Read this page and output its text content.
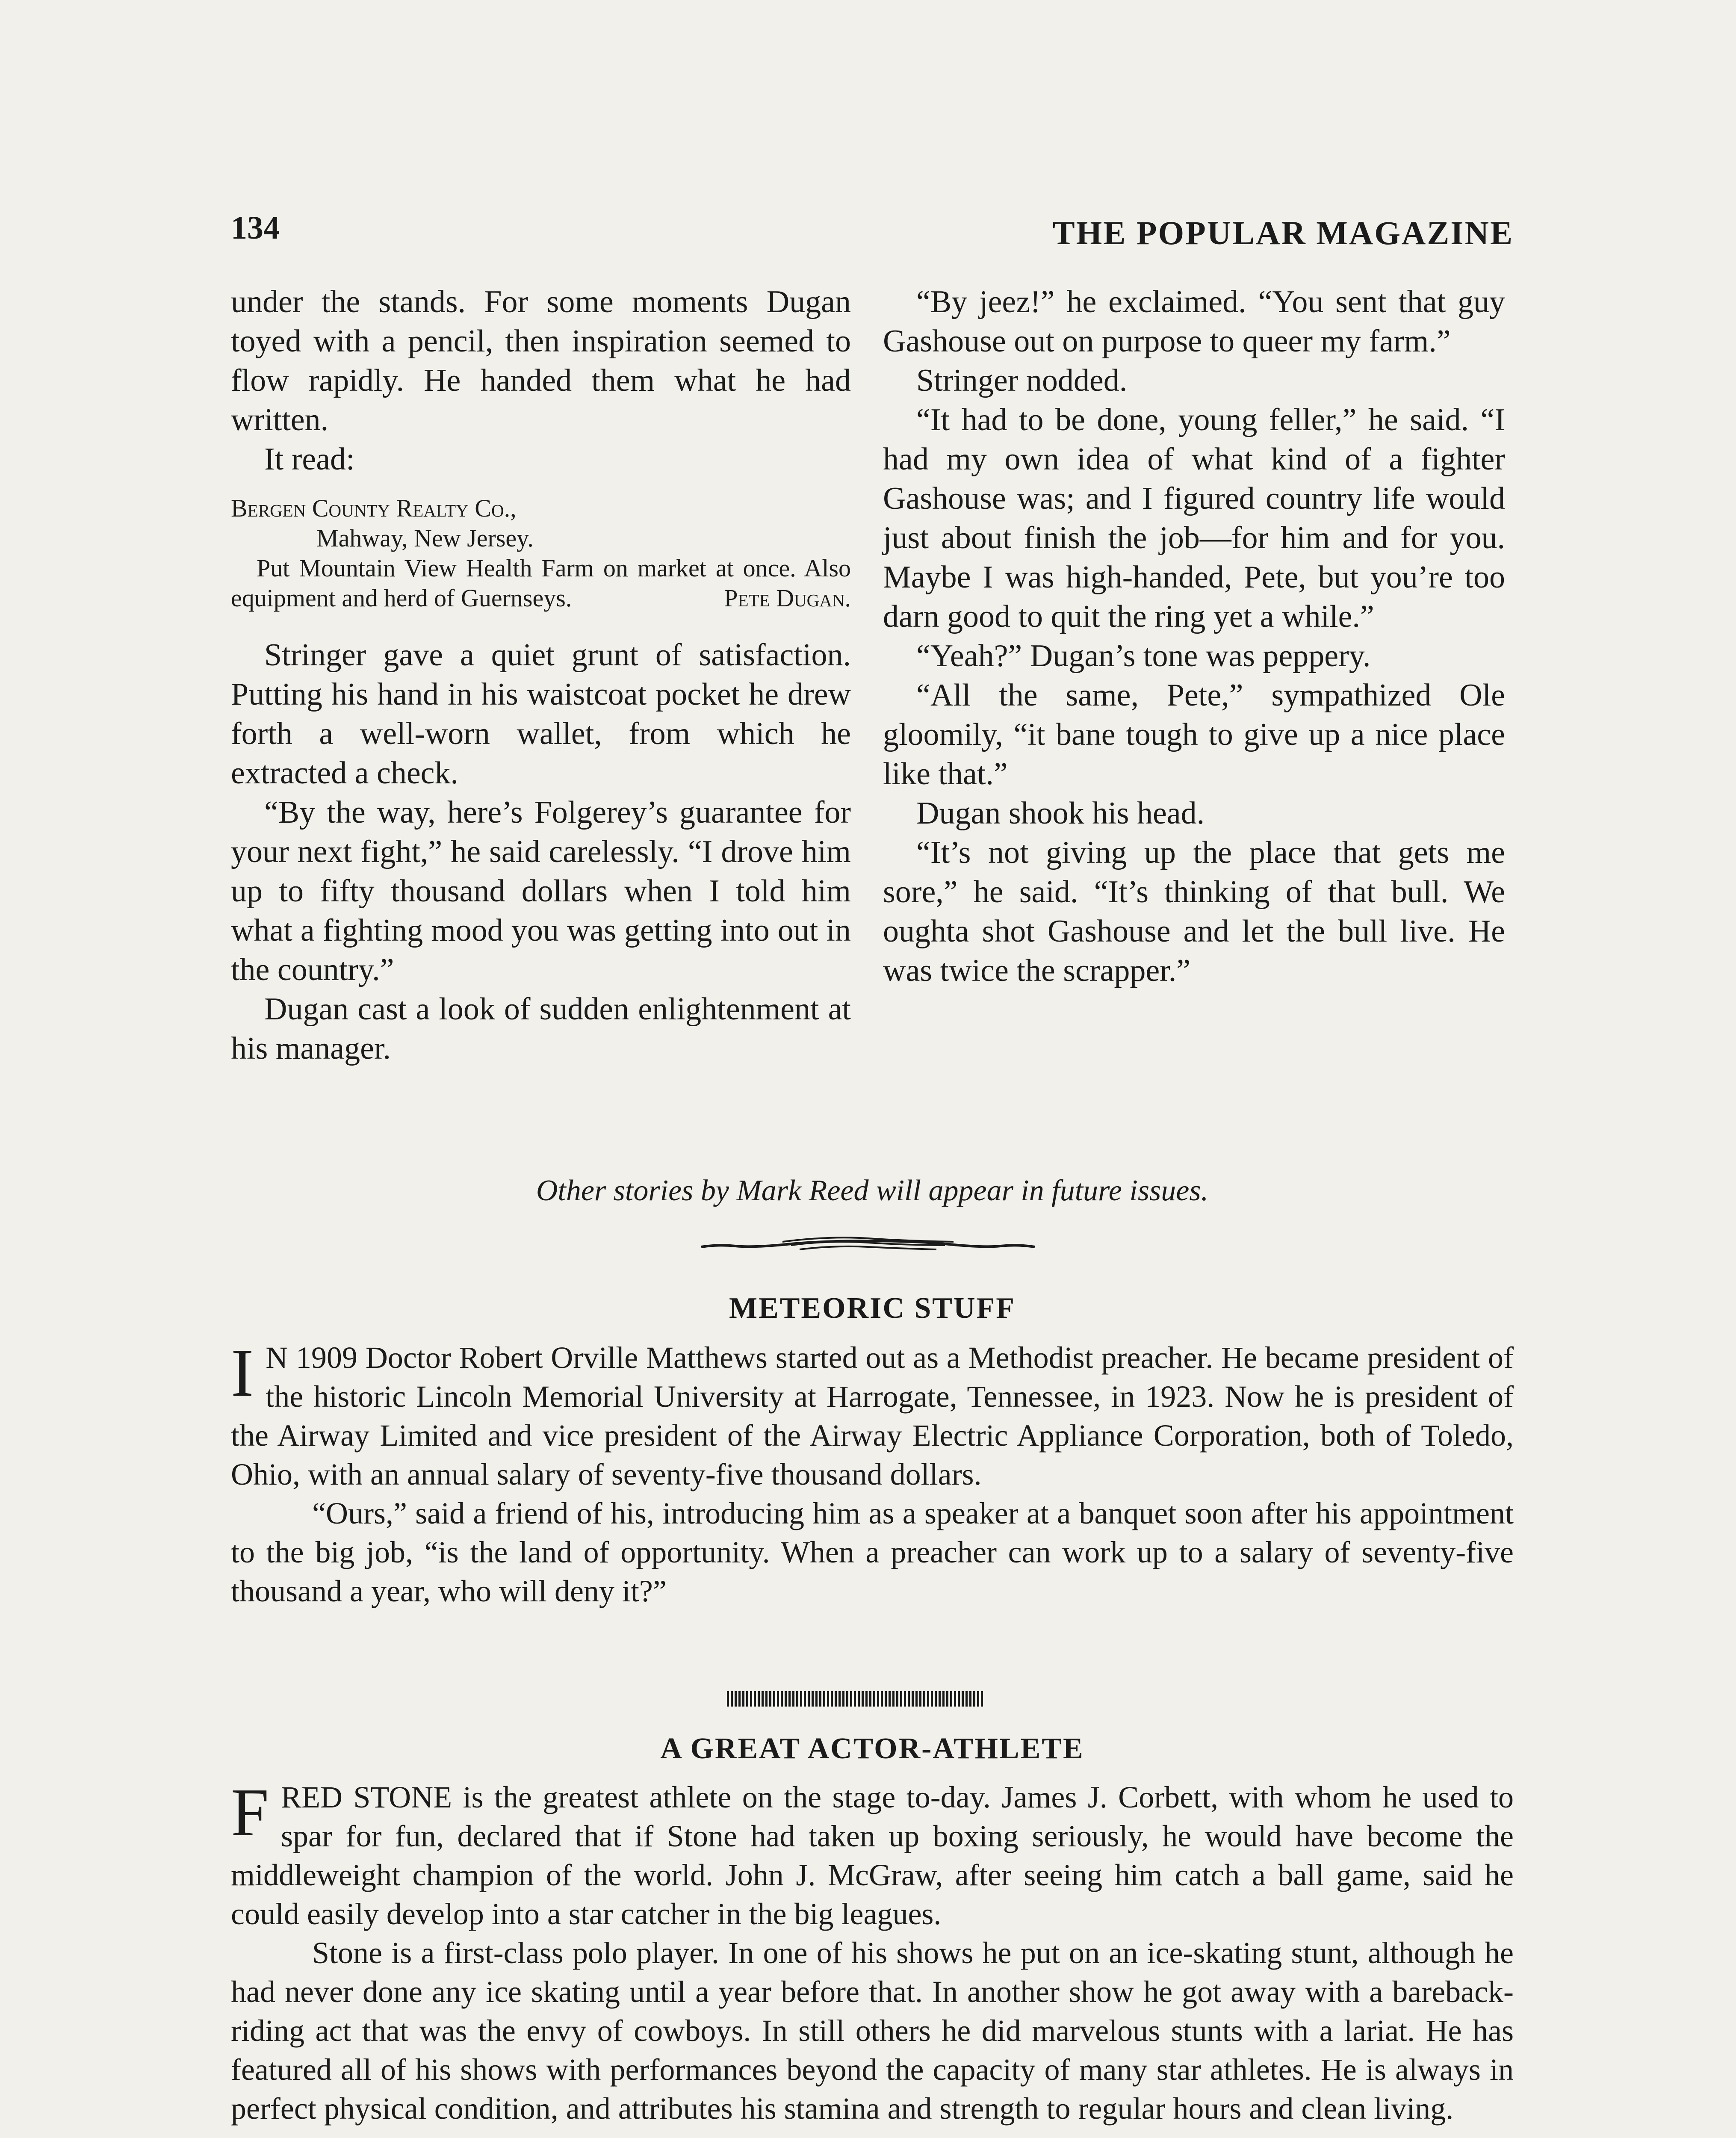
134	THE POPULAR MAGAZINE

under the stands. For some moments Dugan toyed with a pencil, then inspiration seemed to flow rapidly. He handed them what he had written.

It read:

Bergen County Realty Co.,
Mahway, New Jersey.
Put Mountain View Health Farm on market at once. Also equipment and herd of Guernseys.	Pete Dugan.

Stringer gave a quiet grunt of satisfaction. Putting his hand in his waistcoat pocket he drew forth a well-worn wallet, from which he extracted a check.

“By the way, here’s Folgerey’s guarantee for your next fight,” he said carelessly. “I drove him up to fifty thousand dollars when I told him what a fighting mood you was getting into out in the country.”

Dugan cast a look of sudden enlightenment at his manager.

“By jeez!” he exclaimed. “You sent that guy Gashouse out on purpose to queer my farm.”

Stringer nodded.

“It had to be done, young feller,” he said. “I had my own idea of what kind of a fighter Gashouse was; and I figured country life would just about finish the job—for him and for you. Maybe I was high-handed, Pete, but you’re too darn good to quit the ring yet a while.”

“Yeah?” Dugan’s tone was peppery.

“All the same, Pete,” sympathized Ole gloomily, “it bane tough to give up a nice place like that.”

Dugan shook his head.

“It’s not giving up the place that gets me sore,” he said. “It’s thinking of that bull. We oughta shot Gashouse and let the bull live. He was twice the scrapper.”

Other stories by Mark Reed will appear in future issues.
METEORIC STUFF

I N 1909 Doctor Robert Orville Matthews started out as a Methodist preacher. He became president of the historic Lincoln Memorial University at Harrogate, Tennessee, in 1923. Now he is president of the Airway Limited and vice president of the Airway Electric Appliance Corporation, both of Toledo, Ohio, with an annual salary of seventy-five thousand dollars.

“Ours,” said a friend of his, introducing him as a speaker at a banquet soon after his appointment to the big job, “is the land of opportunity. When a preacher can work up to a salary of seventy-five thousand a year, who will deny it?”

A GREAT ACTOR-ATHLETE

FRED STONE is the greatest athlete on the stage to-day. James J. Corbett, with whom he used to spar for fun, declared that if Stone had taken up boxing seriously, he would have become the middleweight champion of the world. John J. McGraw, after seeing him catch a ball game, said he could easily develop into a star catcher in the big leagues.

Stone is a first-class polo player. In one of his shows he put on an ice-skating stunt, although he had never done any ice skating until a year before that. In another show he got away with a bareback-riding act that was the envy of cowboys. In still others he did marvelous stunts with a lariat. He has featured all of his shows with performances beyond the capacity of many star athletes. He is always in perfect physical condition, and attributes his stamina and strength to regular hours and clean living.
